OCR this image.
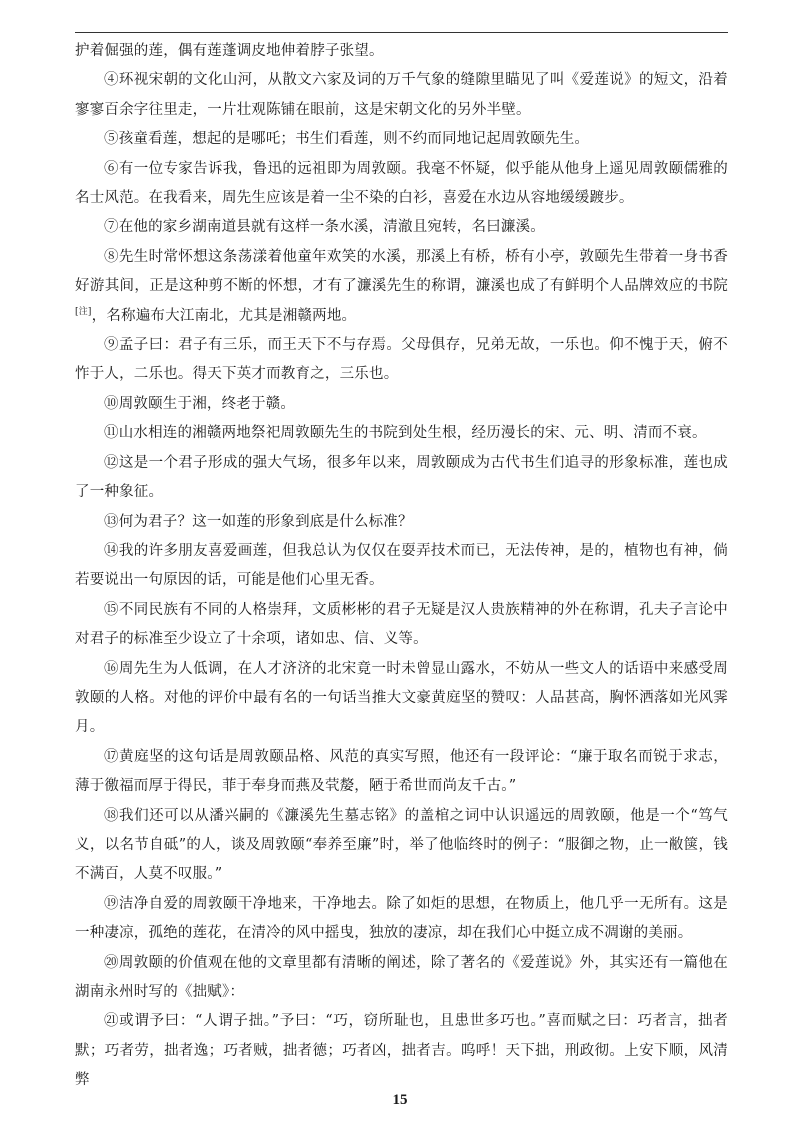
护着倔强的莲，偶有莲蓬调皮地伸着脖子张望。

④环视宋朝的文化山河，从散文六家及词的万千气象的缝隙里瞄见了叫《爱莲说》的短文，沿着寥寥百余字往里走，一片壮观陈铺在眼前，这是宋朝文化的另外半壁。

⑤孩童看莲，想起的是哪吒；书生们看莲，则不约而同地记起周敦颐先生。

⑥有一位专家告诉我，鲁迅的远祖即为周敦颐。我毫不怀疑，似乎能从他身上遥见周敦颐儒雅的名士风范。在我看来，周先生应该是着一尘不染的白衫，喜爱在水边从容地缓缓踱步。

⑦在他的家乡湖南道县就有这样一条水溪，清澈且宛转，名曰濂溪。

⑧先生时常怀想这条荡漾着他童年欢笑的水溪，那溪上有桥，桥有小亭，敦颐先生带着一身书香好游其间，正是这种剪不断的怀想，才有了濂溪先生的称谓，濂溪也成了有鲜明个人品牌效应的书院[注]，名称遍布大江南北，尤其是湘赣两地。

⑨孟子曰：君子有三乐，而王天下不与存焉。父母俱存，兄弟无故，一乐也。仰不愧于天，俯不怍于人，二乐也。得天下英才而教育之，三乐也。

⑩周敦颐生于湘，终老于赣。

⑪山水相连的湘赣两地祭祀周敦颐先生的书院到处生根，经历漫长的宋、元、明、清而不衰。

⑫这是一个君子形成的强大气场，很多年以来，周敦颐成为古代书生们追寻的形象标准，莲也成了一种象征。

⑬何为君子？这一如莲的形象到底是什么标准？

⑭我的许多朋友喜爱画莲，但我总认为仅仅在耍弄技术而已，无法传神，是的，植物也有神，倘若要说出一句原因的话，可能是他们心里无香。

⑮不同民族有不同的人格崇拜，文质彬彬的君子无疑是汉人贵族精神的外在称谓，孔夫子言论中对君子的标准至少设立了十余项，诸如忠、信、义等。

⑯周先生为人低调，在人才济济的北宋竟一时未曾显山露水，不妨从一些文人的话语中来感受周敦颐的人格。对他的评价中最有名的一句话当推大文豪黄庭坚的赞叹：人品甚高，胸怀洒落如光风霁月。

⑰黄庭坚的这句话是周敦颐品格、风范的真实写照，他还有一段评论：“廉于取名而锐于求志，薄于徼福而厚于得民，菲于奉身而燕及茕嫠，陋于希世而尚友千古。”

⑱我们还可以从潘兴嗣的《濂溪先生墓志铭》的盖棺之词中认识遥远的周敦颐，他是一个“笃气义，以名节自砥”的人，谈及周敦颐“奉养至廉”时，举了他临终时的例子：“服御之物，止一敝箧，钱不满百，人莫不叹服。”

⑲洁净自爱的周敦颐干净地来，干净地去。除了如炬的思想，在物质上，他几乎一无所有。这是一种凄凉，孤绝的莲花，在清冷的风中摇曳，独放的凄凉，却在我们心中挺立成不凋谢的美丽。

⑳周敦颐的价值观在他的文章里都有清晰的阐述，除了著名的《爱莲说》外，其实还有一篇他在湖南永州时写的《拙赋》：

㉑或谓予曰：“人谓子拙。”予曰：“巧，窃所耻也，且患世多巧也。”喜而赋之曰：巧者言，拙者默；巧者劳，拙者逸；巧者贼，拙者德；巧者凶，拙者吉。呜呼！天下拙，刑政彻。上安下顺，风清弊

15
